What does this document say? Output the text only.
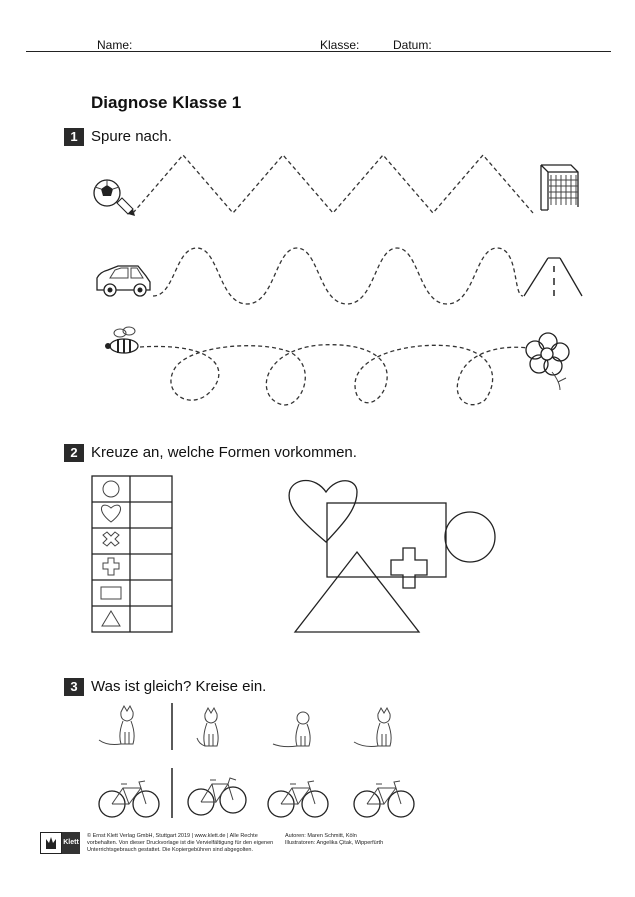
Name:	Klasse:	Datum:
Diagnose Klasse 1
1 Spure nach.
2 Kreuze an, welche Formen vorkommen.
3 Was ist gleich? Kreise ein.
Klett
© Ernst Klett Verlag GmbH, Stuttgart 2019 | www.klett.de | Alle Rechte vorbehalten. Von dieser Druckvorlage ist die Vervielfältigung für den eigenen Unterrichtsgebrauch gestattet. Die Kopiergebühren sind abgegolten.
Autoren: Maren Schmitt, Köln
Illustratoren: Angelika Çitak, Wipperfürth
